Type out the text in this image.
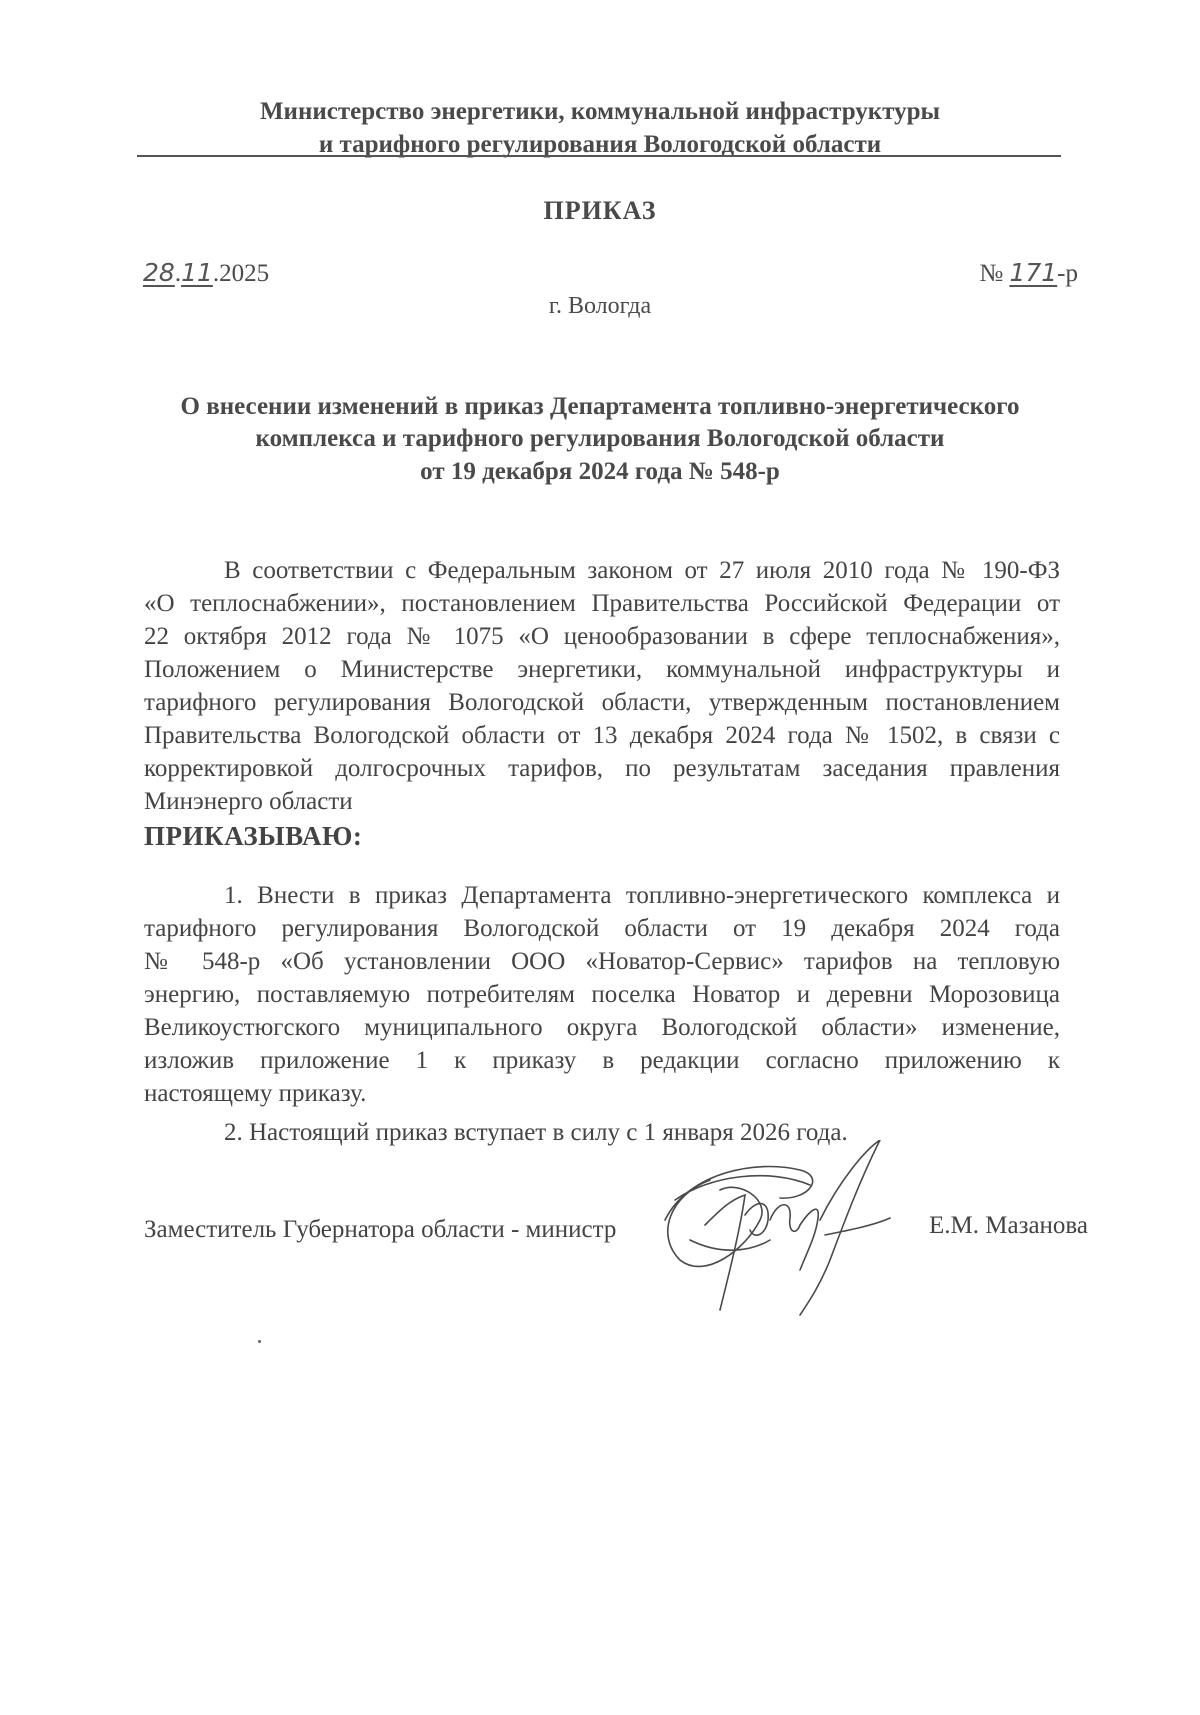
Министерство энергетики, коммунальной инфраструктуры
и тарифного регулирования Вологодской области
ПРИКАЗ
28.11.2025	№ 171-р
г. Вологда
О внесении изменений в приказ Департамента топливно-энергетического
комплекса и тарифного регулирования Вологодской области
от 19 декабря 2024 года № 548-р
В соответствии с Федеральным законом от 27 июля 2010 года № 190-ФЗ
«О теплоснабжении», постановлением Правительства Российской Федерации от
22 октября 2012 года № 1075 «О ценообразовании в сфере теплоснабжения»,
Положением о Министерстве энергетики, коммунальной инфраструктуры и
тарифного регулирования Вологодской области, утвержденным постановлением
Правительства Вологодской области от 13 декабря 2024 года № 1502, в связи с
корректировкой долгосрочных тарифов, по результатам заседания правления
Минэнерго области
ПРИКАЗЫВАЮ:
1. Внести в приказ Департамента топливно-энергетического комплекса и
тарифного регулирования Вологодской области от 19 декабря 2024 года
№ 548-р «Об установлении ООО «Новатор-Сервис» тарифов на тепловую
энергию, поставляемую потребителям поселка Новатор и деревни Морозовица
Великоустюгского муниципального округа Вологодской области» изменение,
изложив приложение 1 к приказу в редакции согласно приложению к
настоящему приказу.
2. Настоящий приказ вступает в силу с 1 января 2026 года.
Заместитель Губернатора области - министр	Е.М. Мазанова
